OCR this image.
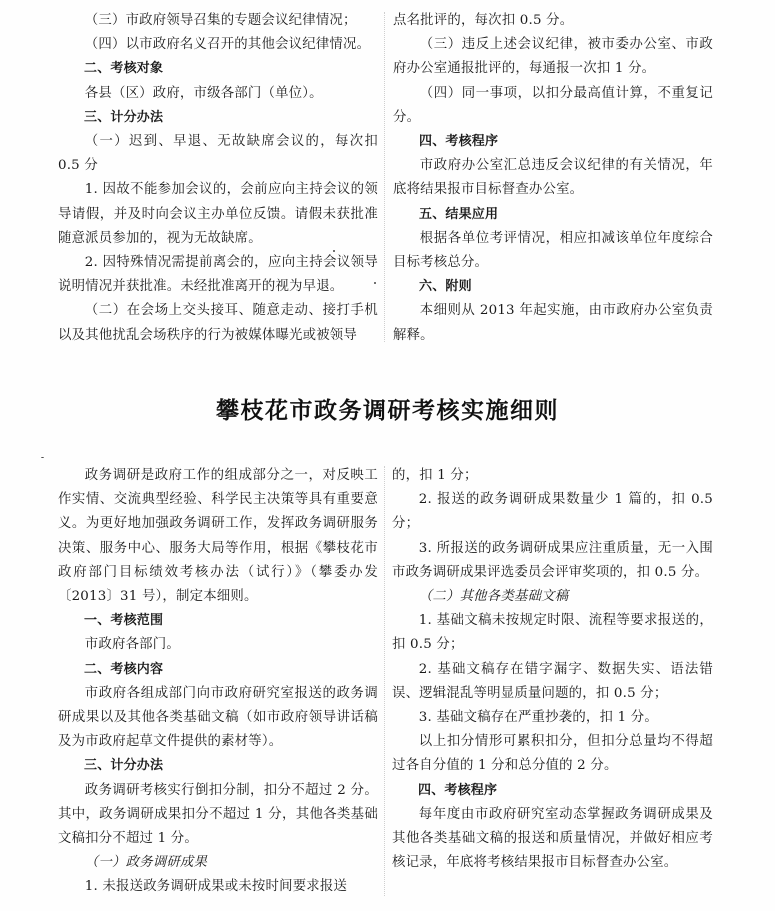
（三）市政府领导召集的专题会议纪律情况；

（四）以市政府名义召开的其他会议纪律情况。

二、考核对象

各县（区）政府，市级各部门（单位）。

三、计分办法

（一）迟到、早退、无故缺席会议的，每次扣 0.5 分

1. 因故不能参加会议的，会前应向主持会议的领导请假，并及时向会议主办单位反馈。请假未获批准随意派员参加的，视为无故缺席。

2. 因特殊情况需提前离会的，应向主持会议领导说明情况并获批准。未经批准离开的视为早退。

（二）在会场上交头接耳、随意走动、接打手机以及其他扰乱会场秩序的行为被媒体曝光或被领导

点名批评的，每次扣 0.5 分。

（三）违反上述会议纪律，被市委办公室、市政府办公室通报批评的，每通报一次扣 1 分。

（四）同一事项，以扣分最高值计算，不重复记分。

四、考核程序

市政府办公室汇总违反会议纪律的有关情况，年底将结果报市目标督查办公室。

五、结果应用

根据各单位考评情况，相应扣减该单位年度综合目标考核总分。

六、附则

本细则从 2013 年起实施，由市政府办公室负责解释。

攀枝花市政务调研考核实施细则

政务调研是政府工作的组成部分之一，对反映工作实情、交流典型经验、科学民主决策等具有重要意义。为更好地加强政务调研工作，发挥政务调研服务决策、服务中心、服务大局等作用，根据《攀枝花市政府部门目标绩效考核办法（试行）》（攀委办发〔2013〕31 号），制定本细则。

一、考核范围

市政府各部门。

二、考核内容

市政府各组成部门向市政府研究室报送的政务调研成果以及其他各类基础文稿（如市政府领导讲话稿及为市政府起草文件提供的素材等）。

三、计分办法

政务调研考核实行倒扣分制，扣分不超过 2 分。其中，政务调研成果扣分不超过 1 分，其他各类基础文稿扣分不超过 1 分。

（一）政务调研成果

1. 未报送政务调研成果或未按时间要求报送

的，扣 1 分；

2. 报送的政务调研成果数量少 1 篇的，扣 0.5 分；

3. 所报送的政务调研成果应注重质量，无一入围市政务调研成果评选委员会评审奖项的，扣 0.5 分。

（二）其他各类基础文稿

1. 基础文稿未按规定时限、流程等要求报送的，扣 0.5 分；

2. 基础文稿存在错字漏字、数据失实、语法错误、逻辑混乱等明显质量问题的，扣 0.5 分；

3. 基础文稿存在严重抄袭的，扣 1 分。

以上扣分情形可累积扣分，但扣分总量均不得超过各自分值的 1 分和总分值的 2 分。

四、考核程序

每年度由市政府研究室动态掌握政务调研成果及其他各类基础文稿的报送和质量情况，并做好相应考核记录，年底将考核结果报市目标督查办公室。
